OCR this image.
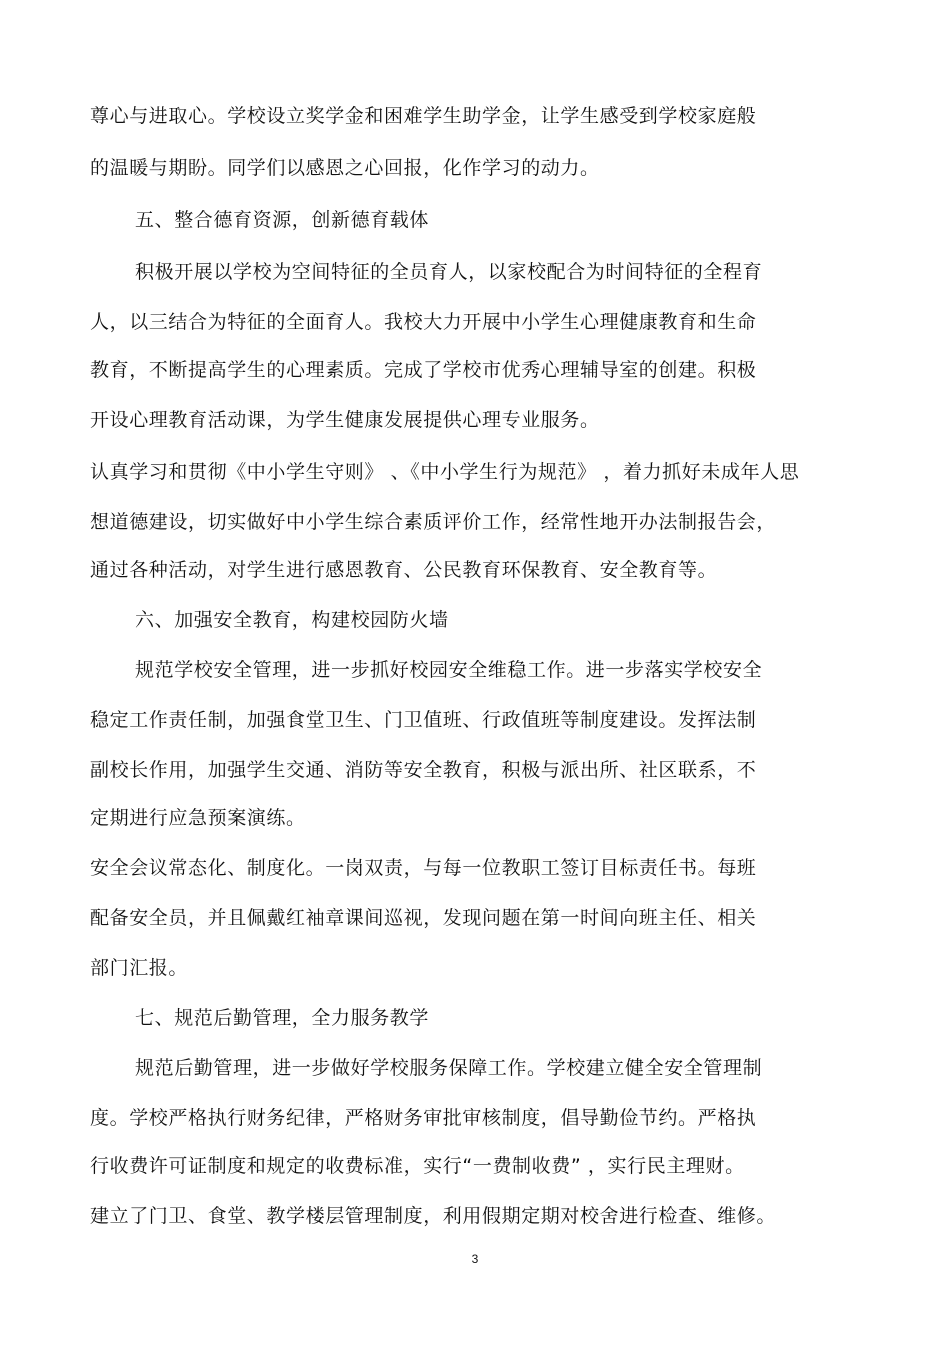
尊心与进取心。学校设立奖学金和困难学生助学金，让学生感受到学校家庭般
的温暖与期盼。同学们以感恩之心回报，化作学习的动力。
五、整合德育资源，创新德育载体
积极开展以学校为空间特征的全员育人，以家校配合为时间特征的全程育
人，以三结合为特征的全面育人。我校大力开展中小学生心理健康教育和生命
教育，不断提高学生的心理素质。完成了学校市优秀心理辅导室的创建。积极
开设心理教育活动课，为学生健康发展提供心理专业服务。
认真学习和贯彻《中小学生守则》 、《中小学生行为规范》 ，着力抓好未成年人思
想道德建设，切实做好中小学生综合素质评价工作，经常性地开办法制报告会，
通过各种活动，对学生进行感恩教育、公民教育环保教育、安全教育等。
六、加强安全教育，构建校园防火墙
规范学校安全管理，进一步抓好校园安全维稳工作。进一步落实学校安全
稳定工作责任制，加强食堂卫生、门卫值班、行政值班等制度建设。发挥法制
副校长作用，加强学生交通、消防等安全教育，积极与派出所、社区联系，不
定期进行应急预案演练。
安全会议常态化、制度化。一岗双责，与每一位教职工签订目标责任书。每班
配备安全员，并且佩戴红袖章课间巡视，发现问题在第一时间向班主任、相关
部门汇报。
七、规范后勤管理，全力服务教学
规范后勤管理，进一步做好学校服务保障工作。学校建立健全安全管理制
度。学校严格执行财务纪律，严格财务审批审核制度，倡导勤俭节约。严格执
行收费许可证制度和规定的收费标准，实行“一费制收费” ，实行民主理财。
建立了门卫、食堂、教学楼层管理制度，利用假期定期对校舍进行检查、维修。
3
